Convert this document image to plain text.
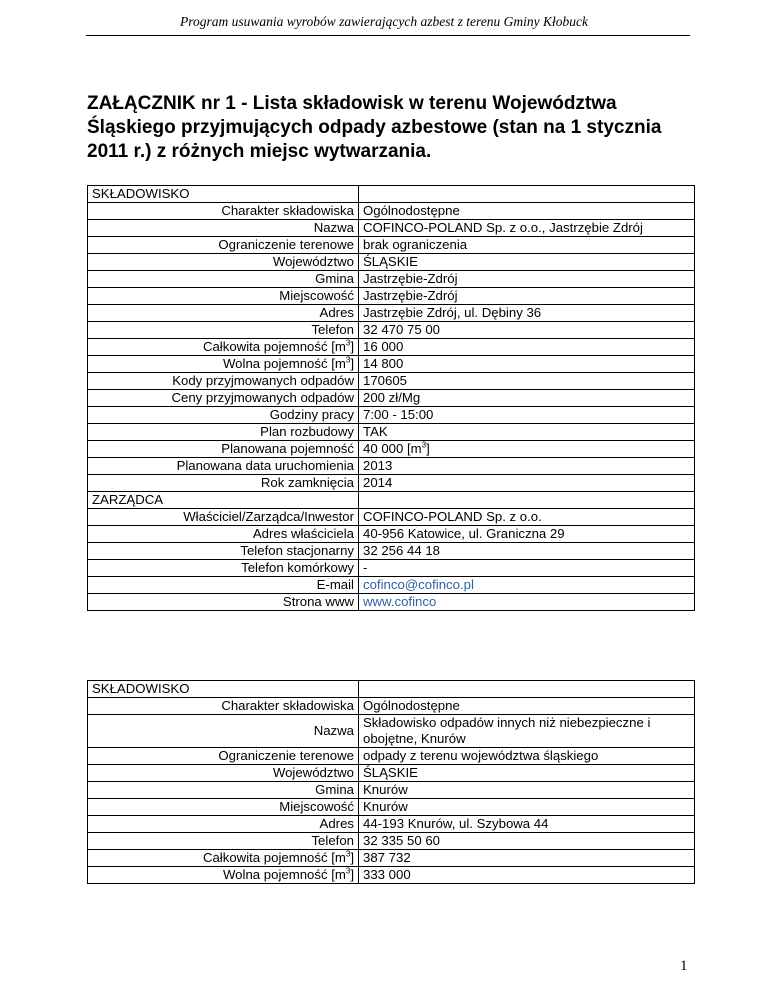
Program usuwania wyrobów zawierających azbest z terenu Gminy Kłobuck
ZAŁĄCZNIK nr 1 - Lista składowisk w terenu Województwa Śląskiego przyjmujących odpady azbestowe (stan na 1 stycznia 2011 r.) z różnych miejsc wytwarzania.
SKŁADOWISKO	
Charakter składowiska	Ogólnodostępne
Nazwa	COFINCO-POLAND Sp. z o.o., Jastrzębie Zdrój
Ograniczenie terenowe	brak ograniczenia
Województwo	ŚLĄSKIE
Gmina	Jastrzębie-Zdrój
Miejscowość	Jastrzębie-Zdrój
Adres	Jastrzębie Zdrój, ul. Dębiny 36
Telefon	32 470 75 00
Całkowita pojemność $[m^3]$	16 000
Wolna pojemność $[m^3]$	14 800
Kody przyjmowanych odpadów	170605
Ceny przyjmowanych odpadów	200 zł/Mg
Godziny pracy	7:00 - 15:00
Plan rozbudowy	TAK
Planowana pojemność	40 000 $[m^3]$
Planowana data uruchomienia	2013
Rok zamknięcia	2014
ZARZĄDCA	
Właściciel/Zarządca/Inwestor	COFINCO-POLAND Sp. z o.o.
Adres właściciela	40-956 Katowice, ul. Graniczna 29
Telefon stacjonarny	32 256 44 18
Telefon komórkowy	-
E-mail	cofinco@cofinco.pl
Strona www	www.cofinco
SKŁADOWISKO	
Charakter składowiska	Ogólnodostępne
Nazwa	Składowisko odpadów innych niż niebezpieczne i obojętne, Knurów
Ograniczenie terenowe	odpady z terenu województwa śląskiego
Województwo	ŚLĄSKIE
Gmina	Knurów
Miejscowość	Knurów
Adres	44-193 Knurów, ul. Szybowa 44
Telefon	32 335 50 60
Całkowita pojemność $[m^3]$	387 732
Wolna pojemność $[m^3]$	333 000
1
